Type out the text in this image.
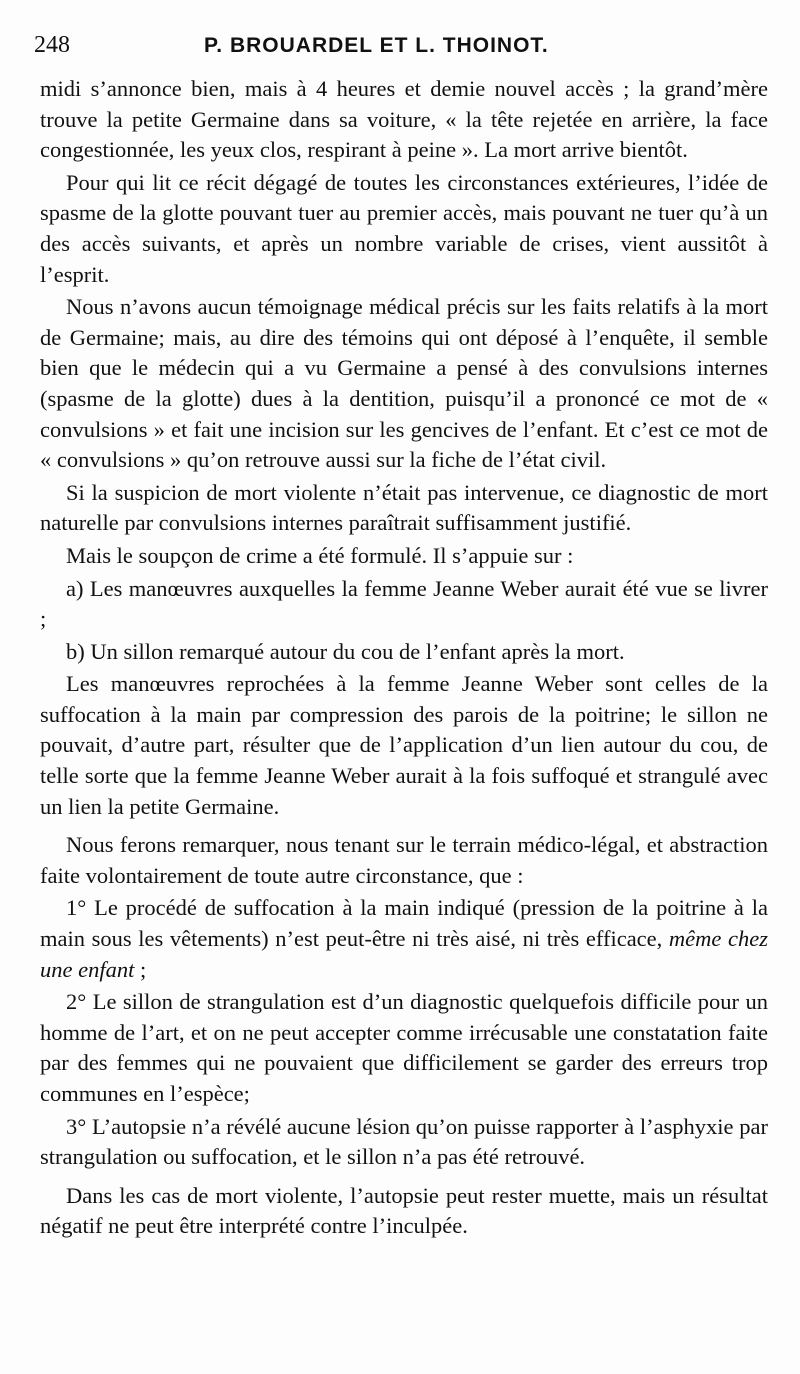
248	P. BROUARDEL ET L. THOINOT.

midi s’annonce bien, mais à 4 heures et demie nouvel accès ; la grand’mère trouve la petite Germaine dans sa voiture, « la tête rejetée en arrière, la face congestionnée, les yeux clos, respirant à peine ». La mort arrive bientôt.

Pour qui lit ce récit dégagé de toutes les circonstances extérieures, l’idée de spasme de la glotte pouvant tuer au premier accès, mais pouvant ne tuer qu’à un des accès suivants, et après un nombre variable de crises, vient aussitôt à l’esprit.

Nous n’avons aucun témoignage médical précis sur les faits relatifs à la mort de Germaine; mais, au dire des témoins qui ont déposé à l’enquête, il semble bien que le médecin qui a vu Germaine a pensé à des convulsions internes (spasme de la glotte) dues à la dentition, puisqu’il a prononcé ce mot de « convulsions » et fait une incision sur les gencives de l’enfant. Et c’est ce mot de « convulsions » qu’on retrouve aussi sur la fiche de l’état civil.

Si la suspicion de mort violente n’était pas intervenue, ce diagnostic de mort naturelle par convulsions internes paraîtrait suffisamment justifié.

Mais le soupçon de crime a été formulé. Il s’appuie sur :

a) Les manœuvres auxquelles la femme Jeanne Weber aurait été vue se livrer ;

b) Un sillon remarqué autour du cou de l’enfant après la mort.

Les manœuvres reprochées à la femme Jeanne Weber sont celles de la suffocation à la main par compression des parois de la poitrine; le sillon ne pouvait, d’autre part, résulter que de l’application d’un lien autour du cou, de telle sorte que la femme Jeanne Weber aurait à la fois suffoqué et strangulé avec un lien la petite Germaine.

Nous ferons remarquer, nous tenant sur le terrain médico-légal, et abstraction faite volontairement de toute autre circonstance, que :

1° Le procédé de suffocation à la main indiqué (pression de la poitrine à la main sous les vêtements) n’est peut-être ni très aisé, ni très efficace, même chez une enfant ;

2° Le sillon de strangulation est d’un diagnostic quelquefois difficile pour un homme de l’art, et on ne peut accepter comme irrécusable une constatation faite par des femmes qui ne pouvaient que difficilement se garder des erreurs trop communes en l’espèce;

3° L’autopsie n’a révélé aucune lésion qu’on puisse rapporter à l’asphyxie par strangulation ou suffocation, et le sillon n’a pas été retrouvé.

Dans les cas de mort violente, l’autopsie peut rester muette, mais un résultat négatif ne peut être interprété contre l’inculpée.
